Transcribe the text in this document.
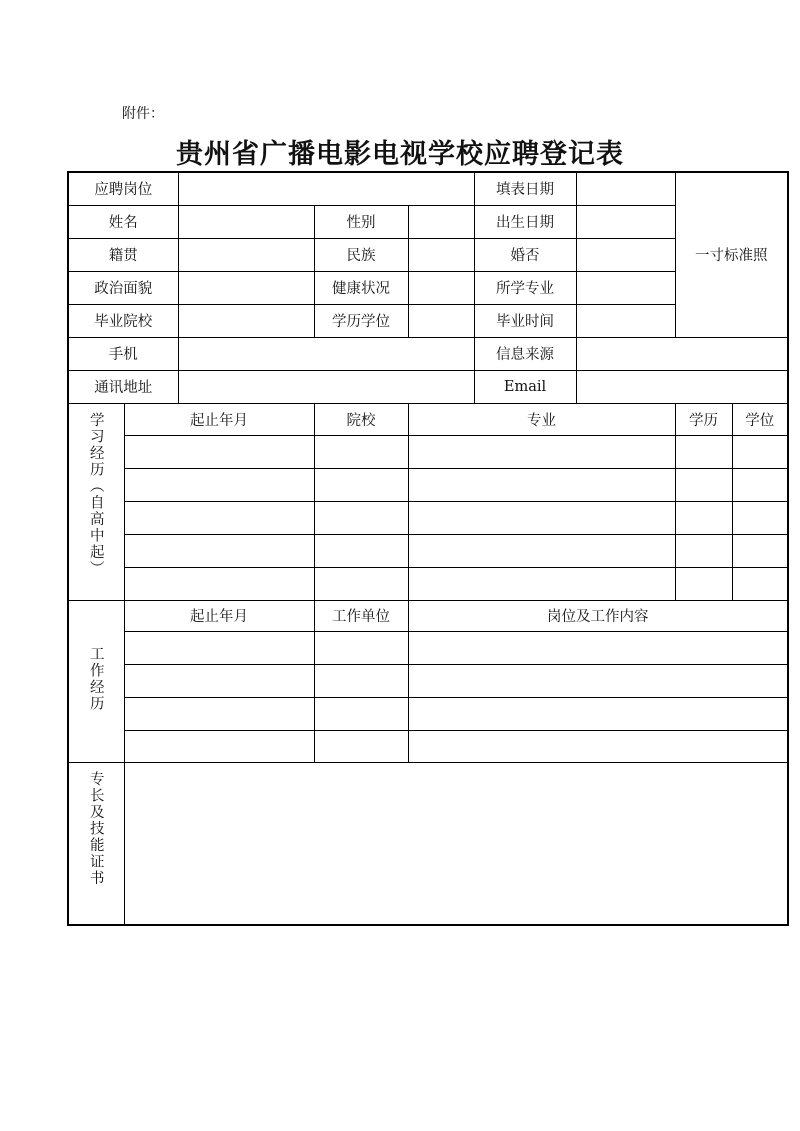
附件：
贵州省广播电影电视学校应聘登记表
应聘岗位					填表日期		一寸标准照	
姓名			性别		出生日期			
籍贯			民族		婚否			
政治面貌			健康状况		所学专业			
毕业院校			学历学位		毕业时间			
手机					信息来源			
通讯地址					Email			
学习经历（自高中起）	起止年月		院校	专业			学历	学位

工作经历	起止年月		工作单位	岗位及工作内容				

专长及技能证书								
